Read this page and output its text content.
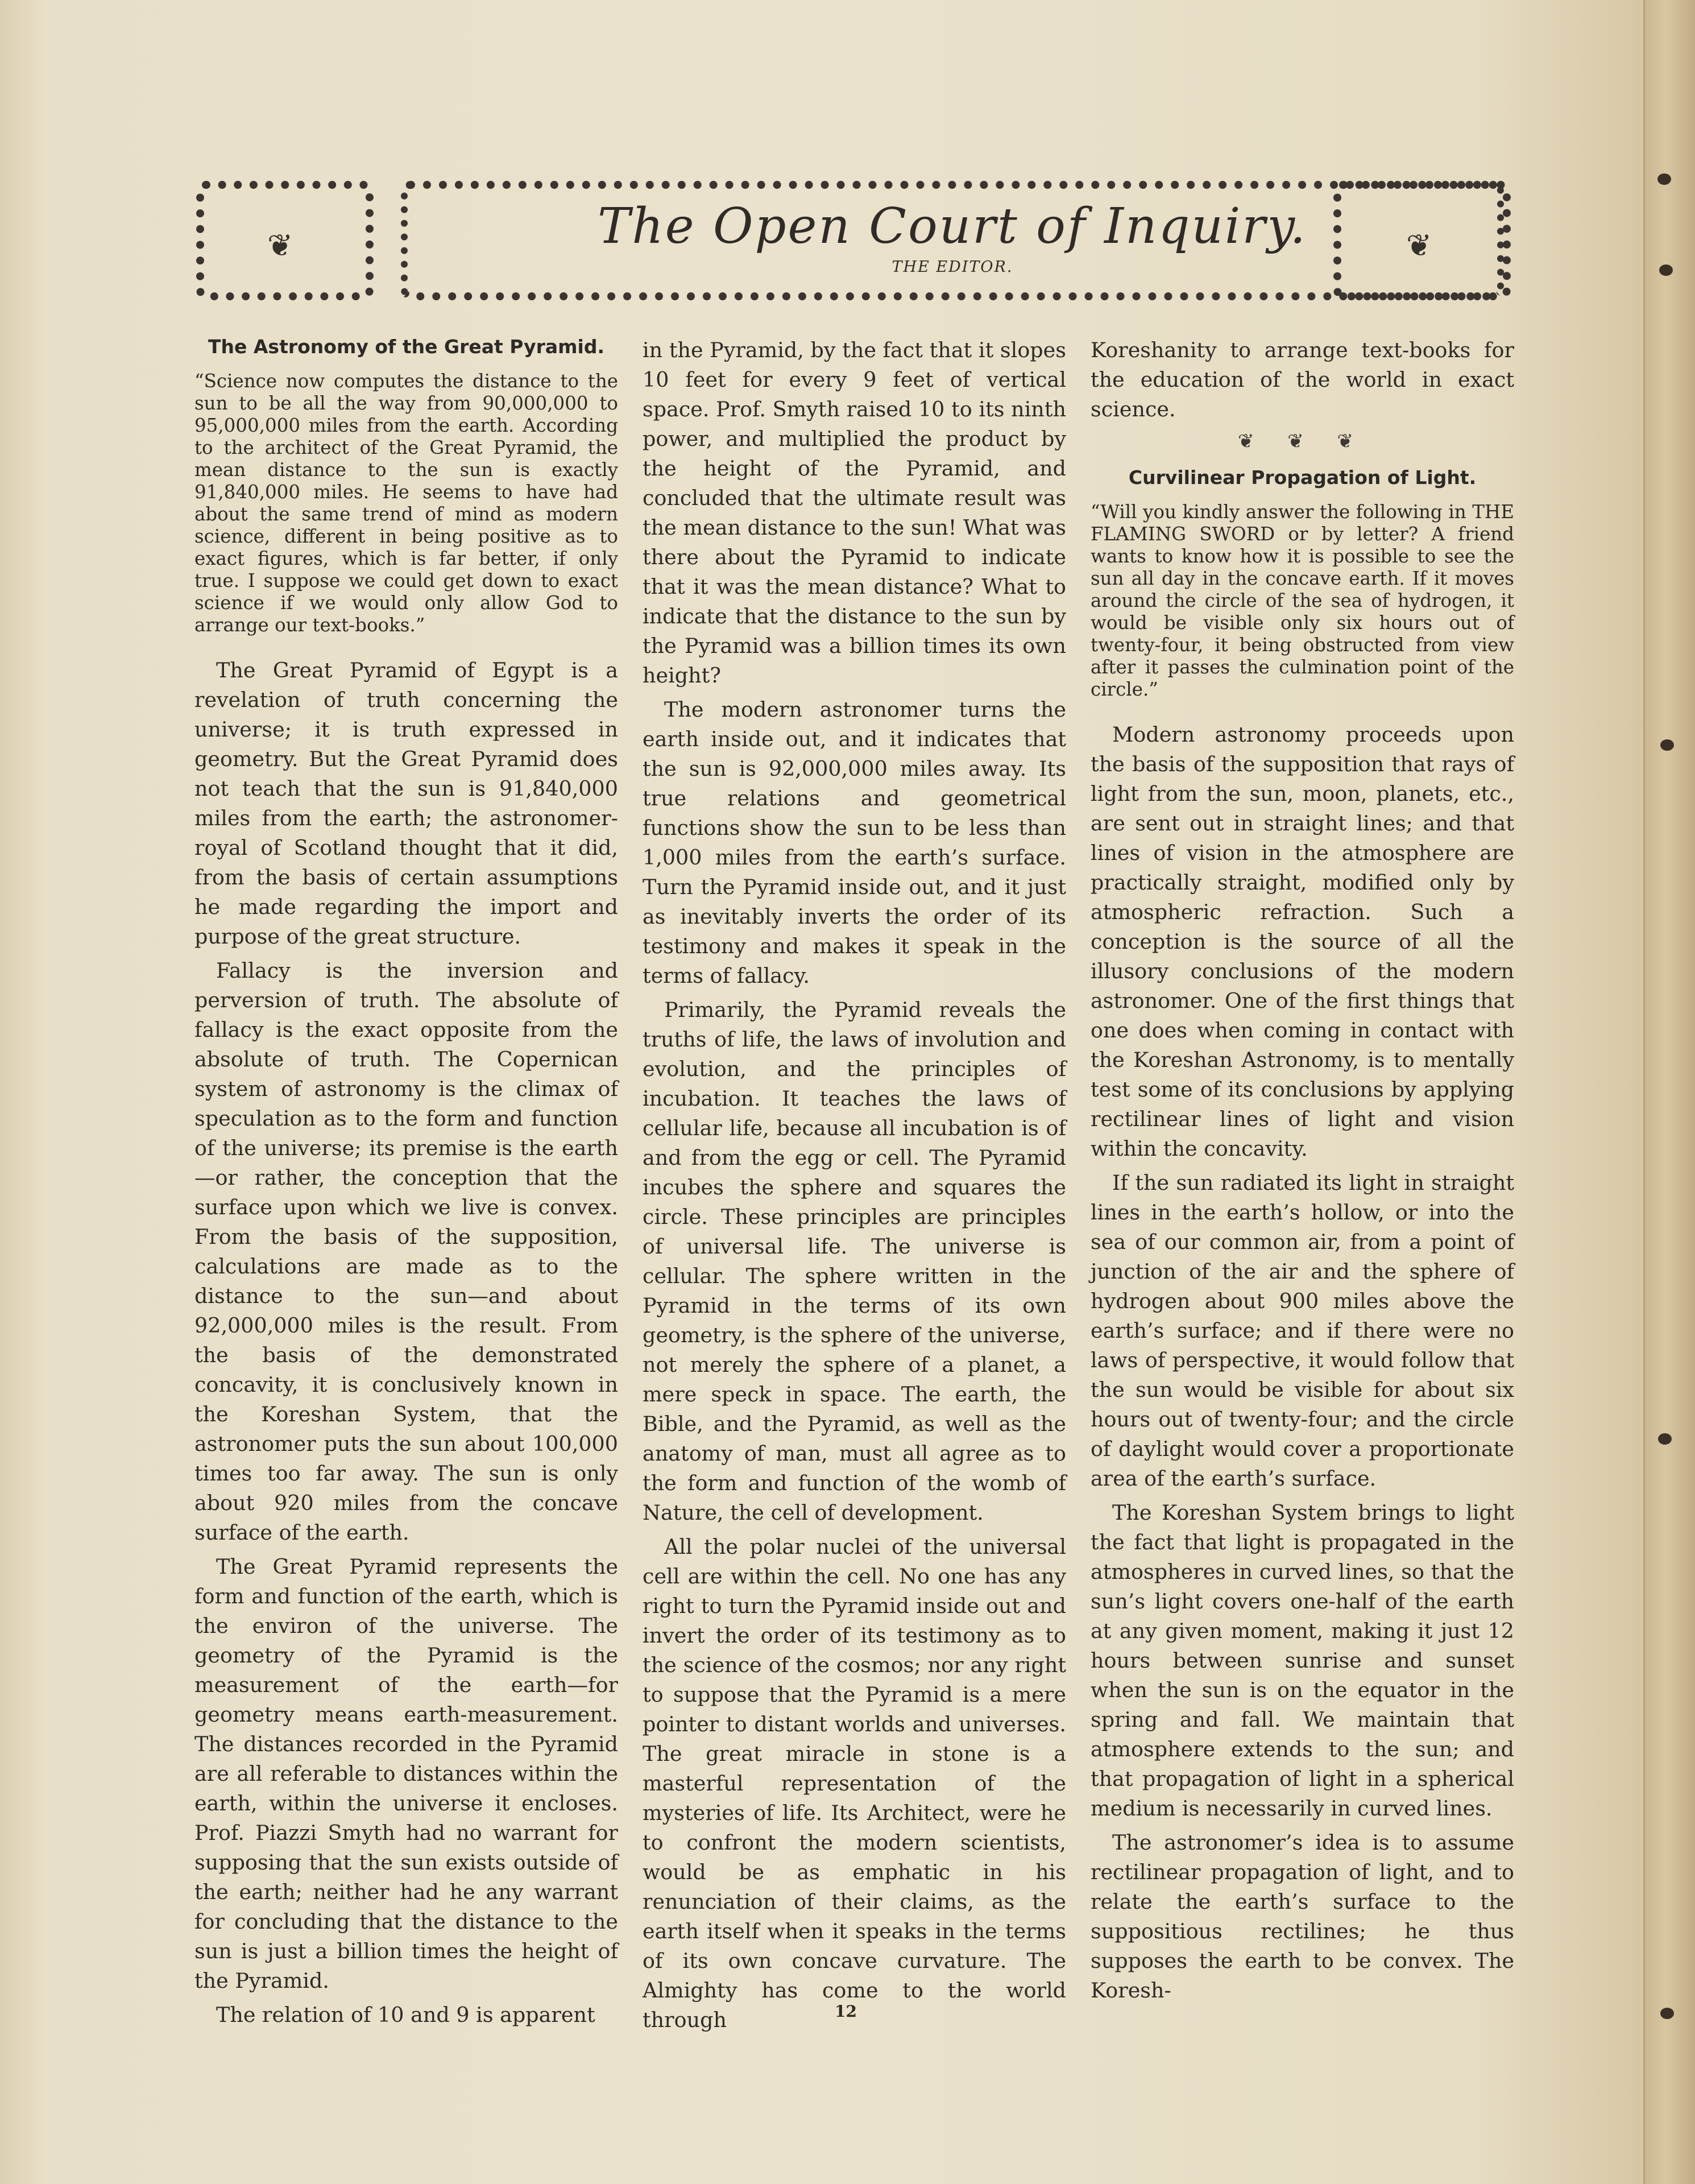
❦	The Open Court of Inquiry.
THE EDITOR.
❦
The Astronomy of the Great Pyramid.

“Science now computes the distance to the sun to be all the way from 90,000,000 to 95,000,000 miles from the earth. According to the architect of the Great Pyramid, the mean distance to the sun is exactly 91,840,000 miles. He seems to have had about the same trend of mind as modern science, different in being positive as to exact figures, which is far better, if only true. I suppose we could get down to exact science if we would only allow God to arrange our text-books.”

The Great Pyramid of Egypt is a revelation of truth concerning the universe; it is truth expressed in geometry. But the Great Pyramid does not teach that the sun is 91,840,000 miles from the earth; the astronomer-royal of Scotland thought that it did, from the basis of certain assumptions he made regarding the import and purpose of the great structure.

Fallacy is the inversion and perversion of truth. The absolute of fallacy is the exact opposite from the absolute of truth. The Copernican system of astronomy is the climax of speculation as to the form and function of the universe; its premise is the earth—or rather, the conception that the surface upon which we live is convex. From the basis of the supposition, calculations are made as to the distance to the sun—and about 92,000,000 miles is the result. From the basis of the demonstrated concavity, it is conclusively known in the Koreshan System, that the astronomer puts the sun about 100,000 times too far away. The sun is only about 920 miles from the concave surface of the earth.

The Great Pyramid represents the form and function of the earth, which is the environ of the universe. The geometry of the Pyramid is the measurement of the earth—for geometry means earth-measurement. The distances recorded in the Pyramid are all referable to distances within the earth, within the universe it encloses. Prof. Piazzi Smyth had no warrant for supposing that the sun exists outside of the earth; neither had he any warrant for concluding that the distance to the sun is just a billion times the height of the Pyramid.

The relation of 10 and 9 is apparent

in the Pyramid, by the fact that it slopes 10 feet for every 9 feet of vertical space. Prof. Smyth raised 10 to its ninth power, and multiplied the product by the height of the Pyramid, and concluded that the ultimate result was the mean distance to the sun! What was there about the Pyramid to indicate that it was the mean distance? What to indicate that the distance to the sun by the Pyramid was a billion times its own height?

The modern astronomer turns the earth inside out, and it indicates that the sun is 92,000,000 miles away. Its true relations and geometrical functions show the sun to be less than 1,000 miles from the earth’s surface. Turn the Pyramid inside out, and it just as inevitably inverts the order of its testimony and makes it speak in the terms of fallacy.

Primarily, the Pyramid reveals the truths of life, the laws of involution and evolution, and the principles of incubation. It teaches the laws of cellular life, because all incubation is of and from the egg or cell. The Pyramid incubes the sphere and squares the circle. These principles are principles of universal life. The universe is cellular. The sphere written in the Pyramid in the terms of its own geometry, is the sphere of the universe, not merely the sphere of a planet, a mere speck in space. The earth, the Bible, and the Pyramid, as well as the anatomy of man, must all agree as to the form and function of the womb of Nature, the cell of development.

All the polar nuclei of the universal cell are within the cell. No one has any right to turn the Pyramid inside out and invert the order of its testimony as to the science of the cosmos; nor any right to suppose that the Pyramid is a mere pointer to distant worlds and universes. The great miracle in stone is a masterful representation of the mysteries of life. Its Architect, were he to confront the modern scientists, would be as emphatic in his renunciation of their claims, as the earth itself when it speaks in the terms of its own concave curvature. The Almighty has come to the world through

Koreshanity to arrange text-books for the education of the world in exact science.

❦ ❦ ❦
Curvilinear Propagation of Light.

“Will you kindly answer the following in THE FLAMING SWORD or by letter? A friend wants to know how it is possible to see the sun all day in the concave earth. If it moves around the circle of the sea of hydrogen, it would be visible only six hours out of twenty-four, it being obstructed from view after it passes the culmination point of the circle.”

Modern astronomy proceeds upon the basis of the supposition that rays of light from the sun, moon, planets, etc., are sent out in straight lines; and that lines of vision in the atmosphere are practically straight, modified only by atmospheric refraction. Such a conception is the source of all the illusory conclusions of the modern astronomer. One of the first things that one does when coming in contact with the Koreshan Astronomy, is to mentally test some of its conclusions by applying rectilinear lines of light and vision within the concavity.

If the sun radiated its light in straight lines in the earth’s hollow, or into the sea of our common air, from a point of junction of the air and the sphere of hydrogen about 900 miles above the earth’s surface; and if there were no laws of perspective, it would follow that the sun would be visible for about six hours out of twenty-four; and the circle of daylight would cover a proportionate area of the earth’s surface.

The Koreshan System brings to light the fact that light is propagated in the atmospheres in curved lines, so that the sun’s light covers one-half of the earth at any given moment, making it just 12 hours between sunrise and sunset when the sun is on the equator in the spring and fall. We maintain that atmosphere extends to the sun; and that propagation of light in a spherical medium is necessarily in curved lines.

The astronomer’s idea is to assume rectilinear propagation of light, and to relate the earth’s surface to the suppositious rectilines; he thus supposes the earth to be convex. The Koresh-

12
